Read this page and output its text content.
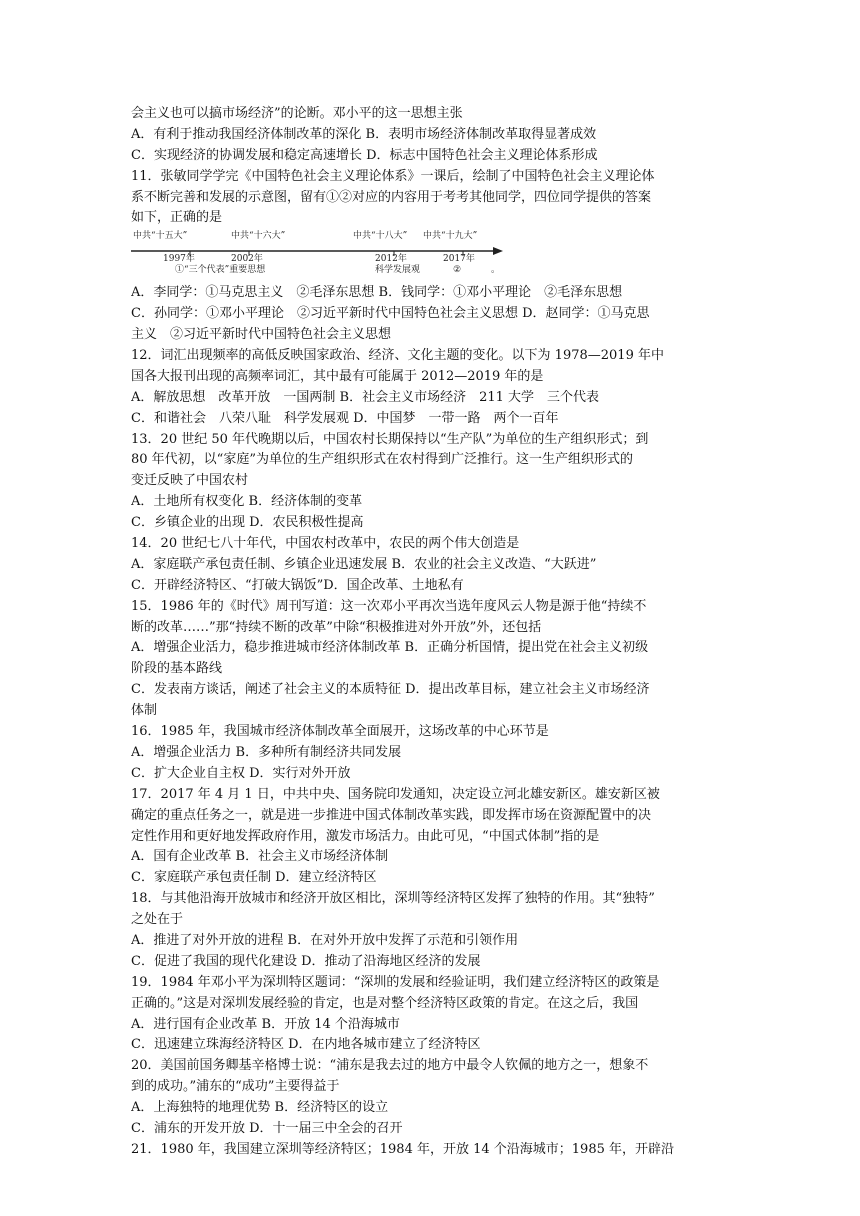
会主义也可以搞市场经济”的论断。邓小平的这一思想主张
A．有利于推动我国经济体制改革的深化 B．表明市场经济体制改革取得显著成效
C．实现经济的协调发展和稳定高速增长 D．标志中国特色社会主义理论体系形成
11．张敏同学学完《中国特色社会主义理论体系》一课后，绘制了中国特色社会主义理论体
系不断完善和发展的示意图，留有①②对应的内容用于考考其他同学，四位同学提供的答案
如下，正确的是
中共“十五大”	中共“十六大”	中共“十八大” 中共“十九大”
1997年	2002年	2012年	2017年
①“三个代表”重要思想	科学发展观	②	。
A．李同学：①马克思主义　②毛泽东思想 B．钱同学：①邓小平理论　②毛泽东思想
C．孙同学：①邓小平理论　②习近平新时代中国特色社会主义思想 D．赵同学：①马克思
主义　②习近平新时代中国特色社会主义思想
12．词汇出现频率的高低反映国家政治、经济、文化主题的变化。以下为 1978—2019 年中
国各大报刊出现的高频率词汇，其中最有可能属于 2012—2019 年的是
A．解放思想　改革开放　一国两制 B．社会主义市场经济　211 大学　三个代表
C．和谐社会　八荣八耻　科学发展观 D．中国梦　一带一路　两个一百年
13．20 世纪 50 年代晚期以后，中国农村长期保持以“生产队”为单位的生产组织形式；到
80 年代初，以“家庭”为单位的生产组织形式在农村得到广泛推行。这一生产组织形式的
变迁反映了中国农村
A．土地所有权变化 B．经济体制的变革
C．乡镇企业的出现 D．农民积极性提高
14．20 世纪七八十年代，中国农村改革中，农民的两个伟大创造是
A．家庭联产承包责任制、乡镇企业迅速发展 B．农业的社会主义改造、“大跃进”
C．开辟经济特区、“打破大锅饭”D．国企改革、土地私有
15．1986 年的《时代》周刊写道：这一次邓小平再次当选年度风云人物是源于他“持续不
断的改革……”那“持续不断的改革”中除“积极推进对外开放”外，还包括
A．增强企业活力，稳步推进城市经济体制改革 B．正确分析国情，提出党在社会主义初级
阶段的基本路线
C．发表南方谈话，阐述了社会主义的本质特征 D．提出改革目标，建立社会主义市场经济
体制
16．1985 年，我国城市经济体制改革全面展开，这场改革的中心环节是
A．增强企业活力 B．多种所有制经济共同发展
C．扩大企业自主权 D．实行对外开放
17．2017 年 4 月 1 日，中共中央、国务院印发通知，决定设立河北雄安新区。雄安新区被
确定的重点任务之一，就是进一步推进中国式体制改革实践，即发挥市场在资源配置中的决
定性作用和更好地发挥政府作用，激发市场活力。由此可见，“中国式体制”指的是
A．国有企业改革 B．社会主义市场经济体制
C．家庭联产承包责任制 D．建立经济特区
18．与其他沿海开放城市和经济开放区相比，深圳等经济特区发挥了独特的作用。其“独特”
之处在于
A．推进了对外开放的进程 B．在对外开放中发挥了示范和引领作用
C．促进了我国的现代化建设 D．推动了沿海地区经济的发展
19．1984 年邓小平为深圳特区题词：“深圳的发展和经验证明，我们建立经济特区的政策是
正确的。”这是对深圳发展经验的肯定，也是对整个经济特区政策的肯定。在这之后，我国
A．进行国有企业改革 B．开放 14 个沿海城市
C．迅速建立珠海经济特区 D．在内地各城市建立了经济特区
20．美国前国务卿基辛格博士说：“浦东是我去过的地方中最令人钦佩的地方之一，想象不
到的成功。”浦东的“成功”主要得益于
A．上海独特的地理优势 B．经济特区的设立
C．浦东的开发开放 D．十一届三中全会的召开
21．1980 年，我国建立深圳等经济特区；1984 年，开放 14 个沿海城市；1985 年，开辟沿
